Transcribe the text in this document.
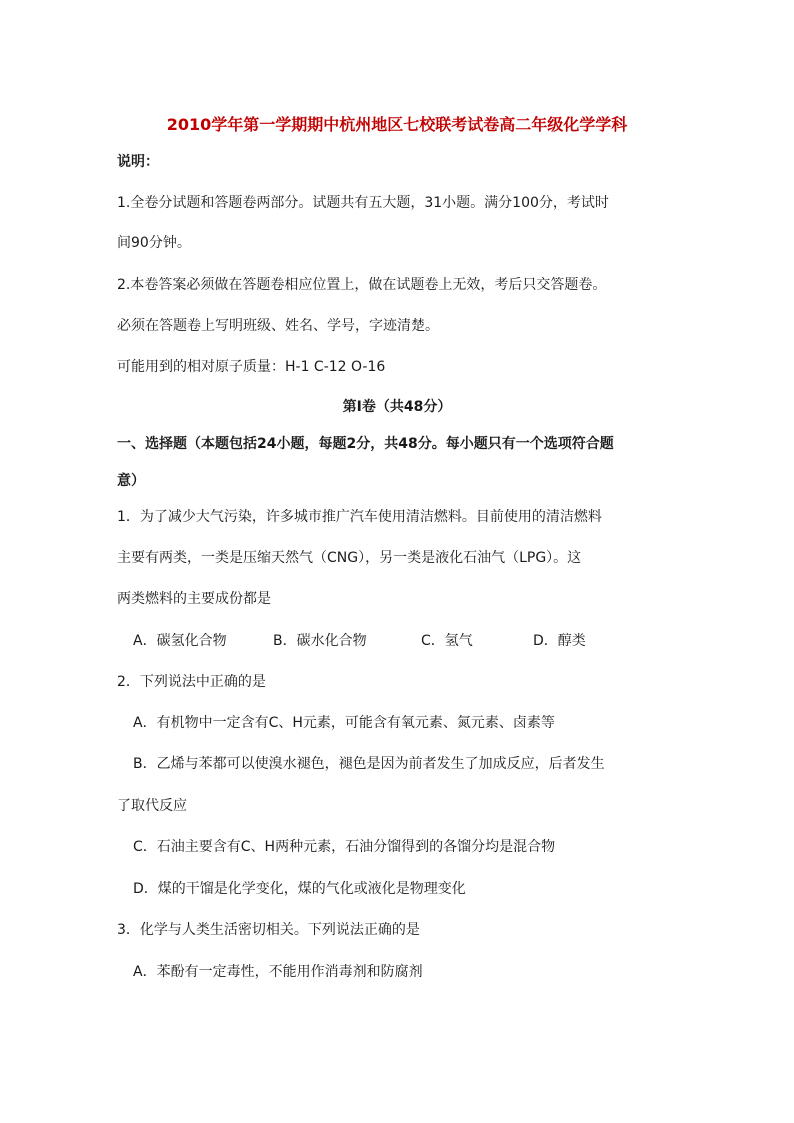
2010学年第一学期期中杭州地区七校联考试卷高二年级化学学科
说明：
1.全卷分试题和答题卷两部分。试题共有五大题，31小题。满分100分，考试时
间90分钟。
2.本卷答案必须做在答题卷相应位置上，做在试题卷上无效，考后只交答题卷。
必须在答题卷上写明班级、姓名、学号，字迹清楚。
可能用到的相对原子质量：H-1 C-12 O-16
第Ⅰ卷（共48分）
一、选择题（本题包括24小题，每题2分，共48分。每小题只有一个选项符合题
意）
1．为了减少大气污染，许多城市推广汽车使用清洁燃料。目前使用的清洁燃料
主要有两类，一类是压缩天然气（CNG），另一类是液化石油气（LPG）。这
两类燃料的主要成份都是
A．碳氢化合物	B．碳水化合物	C．氢气	D．醇类
2．下列说法中正确的是
A．有机物中一定含有C、H元素，可能含有氧元素、氮元素、卤素等
B．乙烯与苯都可以使溴水褪色，褪色是因为前者发生了加成反应，后者发生
了取代反应
C．石油主要含有C、H两种元素，石油分馏得到的各馏分均是混合物
D．煤的干馏是化学变化，煤的气化或液化是物理变化
3．化学与人类生活密切相关。下列说法正确的是
A．苯酚有一定毒性，不能用作消毒剂和防腐剂
